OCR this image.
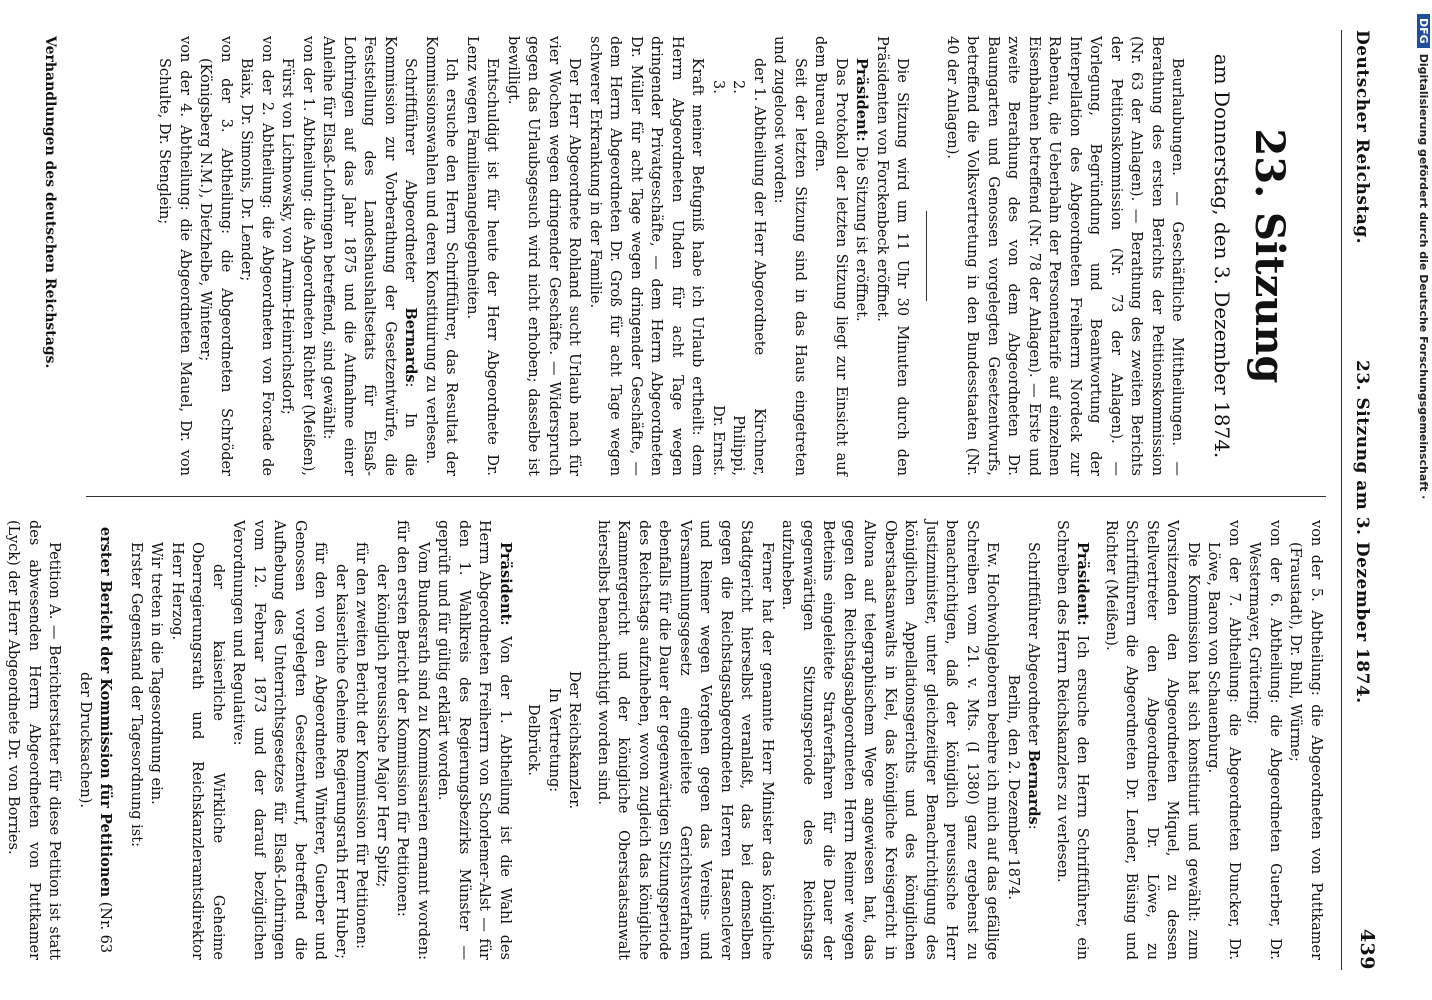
Deutscher Reichstag.
23. Sitzung am 3. Dezember 1874.
439
23. Sitzung
am Donnerstag, den 3. Dezember 1874.

Beurlaubungen. — Geschäftliche Mittheilungen. — Berathung des ersten Berichts der Petitionskommission (Nr. 63 der Anlagen). — Berathung des zweiten Berichts der Petitionskommission (Nr. 73 der Anlagen). — Vorlegung, Begründung und Beantwortung der Interpellation des Abgeordneten Freiherrn Nordeck zur Rabenau, die Ueberbahn der Personentarife auf einzelnen Eisenbahnen betreffend (Nr. 78 der Anlagen). — Erste und zweite Berathung des von dem Abgeordneten Dr. Baumgarten und Genossen vorgelegten Gesetzentwurfs, betreffend die Volksvertretung in den Bundesstaaten (Nr. 40 der Anlagen).

Die Sitzung wird um 11 Uhr 30 Minuten durch den Präsidenten von Forckenbeck eröffnet.

Präsident: Die Sitzung ist eröffnet.

Das Protokoll der letzten Sitzung liegt zur Einsicht auf dem Bureau offen.

Seit der letzten Sitzung sind in das Haus eingetreten und zugeloost worden:

der 1. Abtheilung der Herr Abgeordnete
Kirchner,
2.
Philippi,
3.
Dr. Ernst.

Kraft meiner Befugniß habe ich Urlaub ertheilt: dem Herrn Abgeordneten Uhden für acht Tage wegen dringender Privatgeschäfte, — dem Herrn Abgeordneten Dr. Müller für acht Tage wegen dringender Geschäfte, — dem Herrn Abgeordneten Dr. Groß für acht Tage wegen schwerer Erkrankung in der Familie.

Der Herr Abgeordnete Rohland sucht Urlaub nach für vier Wochen wegen dringender Geschäfte. — Widerspruch gegen das Urlaubsgesuch wird nicht erhoben; dasselbe ist bewilligt.

Entschuldigt ist für heute der Herr Abgeordnete Dr. Lenz wegen Familienangelegenheiten.

Ich ersuche den Herrn Schriftführer, das Resultat der Kommissionswahlen und deren Konstituirung zu verlesen.

Schriftführer Abgeordneter Bernards: In die Kommission zur Vorberathung der Gesetzentwürfe, die Feststellung des Landeshaushaltsetats für Elsaß-Lothringen auf das Jahr 1875 und die Aufnahme einer Anleihe für Elsaß-Lothringen betreffend, sind gewählt:

von der 1. Abtheilung: die Abgeordneten Richter (Meißen), Fürst von Lichnowsky, von Arnim-Heinrichsdorf;

von der 2. Abtheilung: die Abgeordneten von Forcade de Biaix, Dr. Simonis, Dr. Lender;

von der 3. Abtheilung: die Abgeordneten Schröder (Königsberg N.M.), Dietzhelbe, Winterer;

von der 4. Abtheilung: die Abgeordneten Mauel, Dr. von Schulte, Dr. Stenglein;

von der 5. Abtheilung: die Abgeordneten von Puttkamer (Fraustadt), Dr. Buhl, Würme;

von der 6. Abtheilung: die Abgeordneten Guerber, Dr. Westermayer, Grütering;

von der 7. Abtheilung: die Abgeordneten Duncker, Dr. Löwe, Baron von Schauenburg.

Die Kommission hat sich konstituirt und gewählt: zum Vorsitzenden den Abgeordneten Miquel, zu dessen Stellvertreter den Abgeordneten Dr. Löwe, zu Schriftführern die Abgeordneten Dr. Lender, Büsing und Richter (Meißen).

Präsident: Ich ersuche den Herrn Schriftführer, ein Schreiben des Herrn Reichskanzlers zu verlesen.

Schriftführer Abgeordneter Bernards:

Berlin, den 2. Dezember 1874.

Ew. Hochwohlgeboren beehre ich mich auf das gefällige Schreiben vom 21. v. Mts. (I 1380) ganz ergebenst zu benachrichtigen, daß der königlich preussische Herr Justizminister, unter gleichzeitiger Benachrichtigung des königlichen Appellationsgerichts und des königlichen Oberstaatsanwalts in Kiel, das königliche Kreisgericht in Altona auf telegraphischem Wege angewiesen hat, das gegen den Reichstagsabgeordneten Herrn Reimer wegen Betteins eingeleitete Strafverfahren für die Dauer der gegenwärtigen Sitzungsperiode des Reichstags aufzuheben.

Ferner hat der genannte Herr Minister das königliche Stadtgericht hierselbst veranlaßt, das bei demselben gegen die Reichstagsabgeordneten Herren Hasenclever und Reimer wegen Vergehen gegen das Vereins- und Versammlungsgesetz eingeleitete Gerichtsverfahren ebenfalls für die Dauer der gegenwärtigen Sitzungsperiode des Reichstags aufzuheben, wovon zugleich das königliche Kammergericht und der königliche Oberstaatsanwalt hierselbst benachrichtigt worden sind.

Der Reichskanzler.

In Vertretung:

Delbrück.

Präsident: Von der 1. Abtheilung ist die Wahl des Herrn Abgeordneten Freiherrn von Schorlemer-Alst — für den 1. Wahlkreis des Regierungsbezirks Münster — geprüft und für gültig erklärt worden.

Vom Bundesrath sind zu Kommissarien ernannt worden: für den ersten Bericht der Kommission für Petitionen:

der königlich preussische Major Herr Spitz;

für den zweiten Bericht der Kommission für Petitionen:

der kaiserliche Geheime Regierungsrath Herr Huber;

für den von den Abgeordneten Winterer, Guerber und Genossen vorgelegten Gesetzentwurf, betreffend die Aufhebung des Unterrichtsgesetzes für Elsaß-Lothringen vom 12. Februar 1873 und der darauf bezüglichen Verordnungen und Regulative:

der kaiserliche Wirkliche Geheime Oberregierungsrath und Reichskanzleramtsdirektor Herr Herzog.

Wir treten in die Tagesordnung ein.

Erster Gegenstand der Tagesordnung ist:

erster Bericht der Kommission für Petitionen (Nr. 63 der Drucksachen).

Petition A. — Berichterstatter für diese Petition ist statt des abwesenden Herrn Abgeordneten von Puttkamer (Lyck) der Herr Abgeordnete Dr. von Borries.

Verhandlungen des deutschen Reichstags.
DFGDigitalisierung gefördert durch die Deutsche Forschungsgemeinschaft ·
